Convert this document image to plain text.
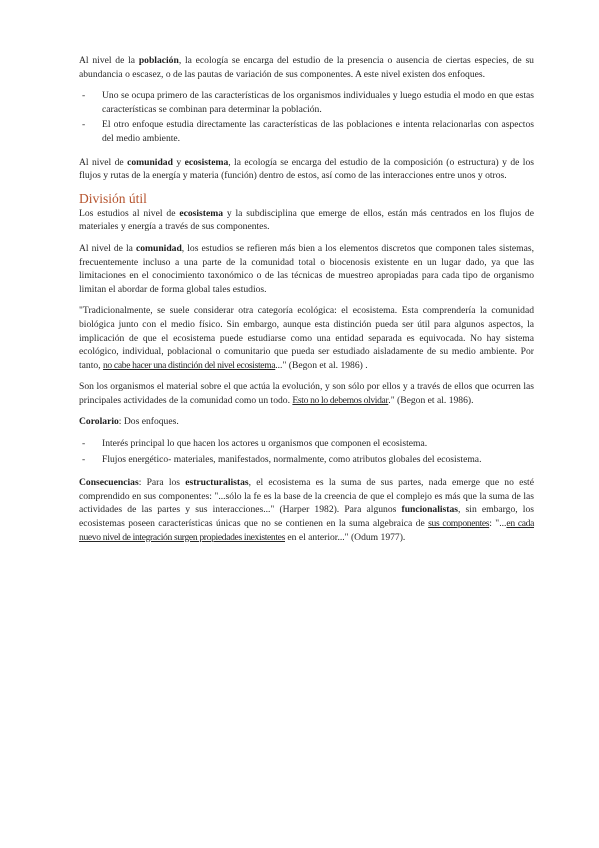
Al nivel de la población, la ecología se encarga del estudio de la presencia o ausencia de ciertas especies, de su abundancia o escasez, o de las pautas de variación de sus componentes. A este nivel existen dos enfoques.

- Uno se ocupa primero de las características de los organismos individuales y luego estudia el modo en que estas características se combinan para determinar la población.
- El otro enfoque estudia directamente las características de las poblaciones e intenta relacionarlas con aspectos del medio ambiente.

Al nivel de comunidad y ecosistema, la ecología se encarga del estudio de la composición (o estructura) y de los flujos y rutas de la energía y materia (función) dentro de estos, así como de las interacciones entre unos y otros.

División útil

Los estudios al nivel de ecosistema y la subdisciplina que emerge de ellos, están más centrados en los flujos de materiales y energía a través de sus componentes.

Al nivel de la comunidad, los estudios se refieren más bien a los elementos discretos que componen tales sistemas, frecuentemente incluso a una parte de la comunidad total o biocenosis existente en un lugar dado, ya que las limitaciones en el conocimiento taxonómico o de las técnicas de muestreo apropiadas para cada tipo de organismo limitan el abordar de forma global tales estudios.

"Tradicionalmente, se suele considerar otra categoría ecológica: el ecosistema. Esta comprendería la comunidad biológica junto con el medio físico. Sin embargo, aunque esta distinción pueda ser útil para algunos aspectos, la implicación de que el ecosistema puede estudiarse como una entidad separada es equivocada. No hay sistema ecológico, individual, poblacional o comunitario que pueda ser estudiado aisladamente de su medio ambiente. Por tanto, no cabe hacer una distinción del nivel ecosistema..." (Begon et al. 1986) .

Son los organismos el material sobre el que actúa la evolución, y son sólo por ellos y a través de ellos que ocurren las principales actividades de la comunidad como un todo. Esto no lo debemos olvidar." (Begon et al. 1986).

Corolario: Dos enfoques.

- Interés principal lo que hacen los actores u organismos que componen el ecosistema.
- Flujos energético- materiales, manifestados, normalmente, como atributos globales del ecosistema.

Consecuencias: Para los estructuralistas, el ecosistema es la suma de sus partes, nada emerge que no esté comprendido en sus componentes: "...sólo la fe es la base de la creencia de que el complejo es más que la suma de las actividades de las partes y sus interacciones..." (Harper 1982). Para algunos funcionalistas, sin embargo, los ecosistemas poseen características únicas que no se contienen en la suma algebraica de sus componentes: "...en cada nuevo nivel de integración surgen propiedades inexistentes en el anterior..." (Odum 1977).
